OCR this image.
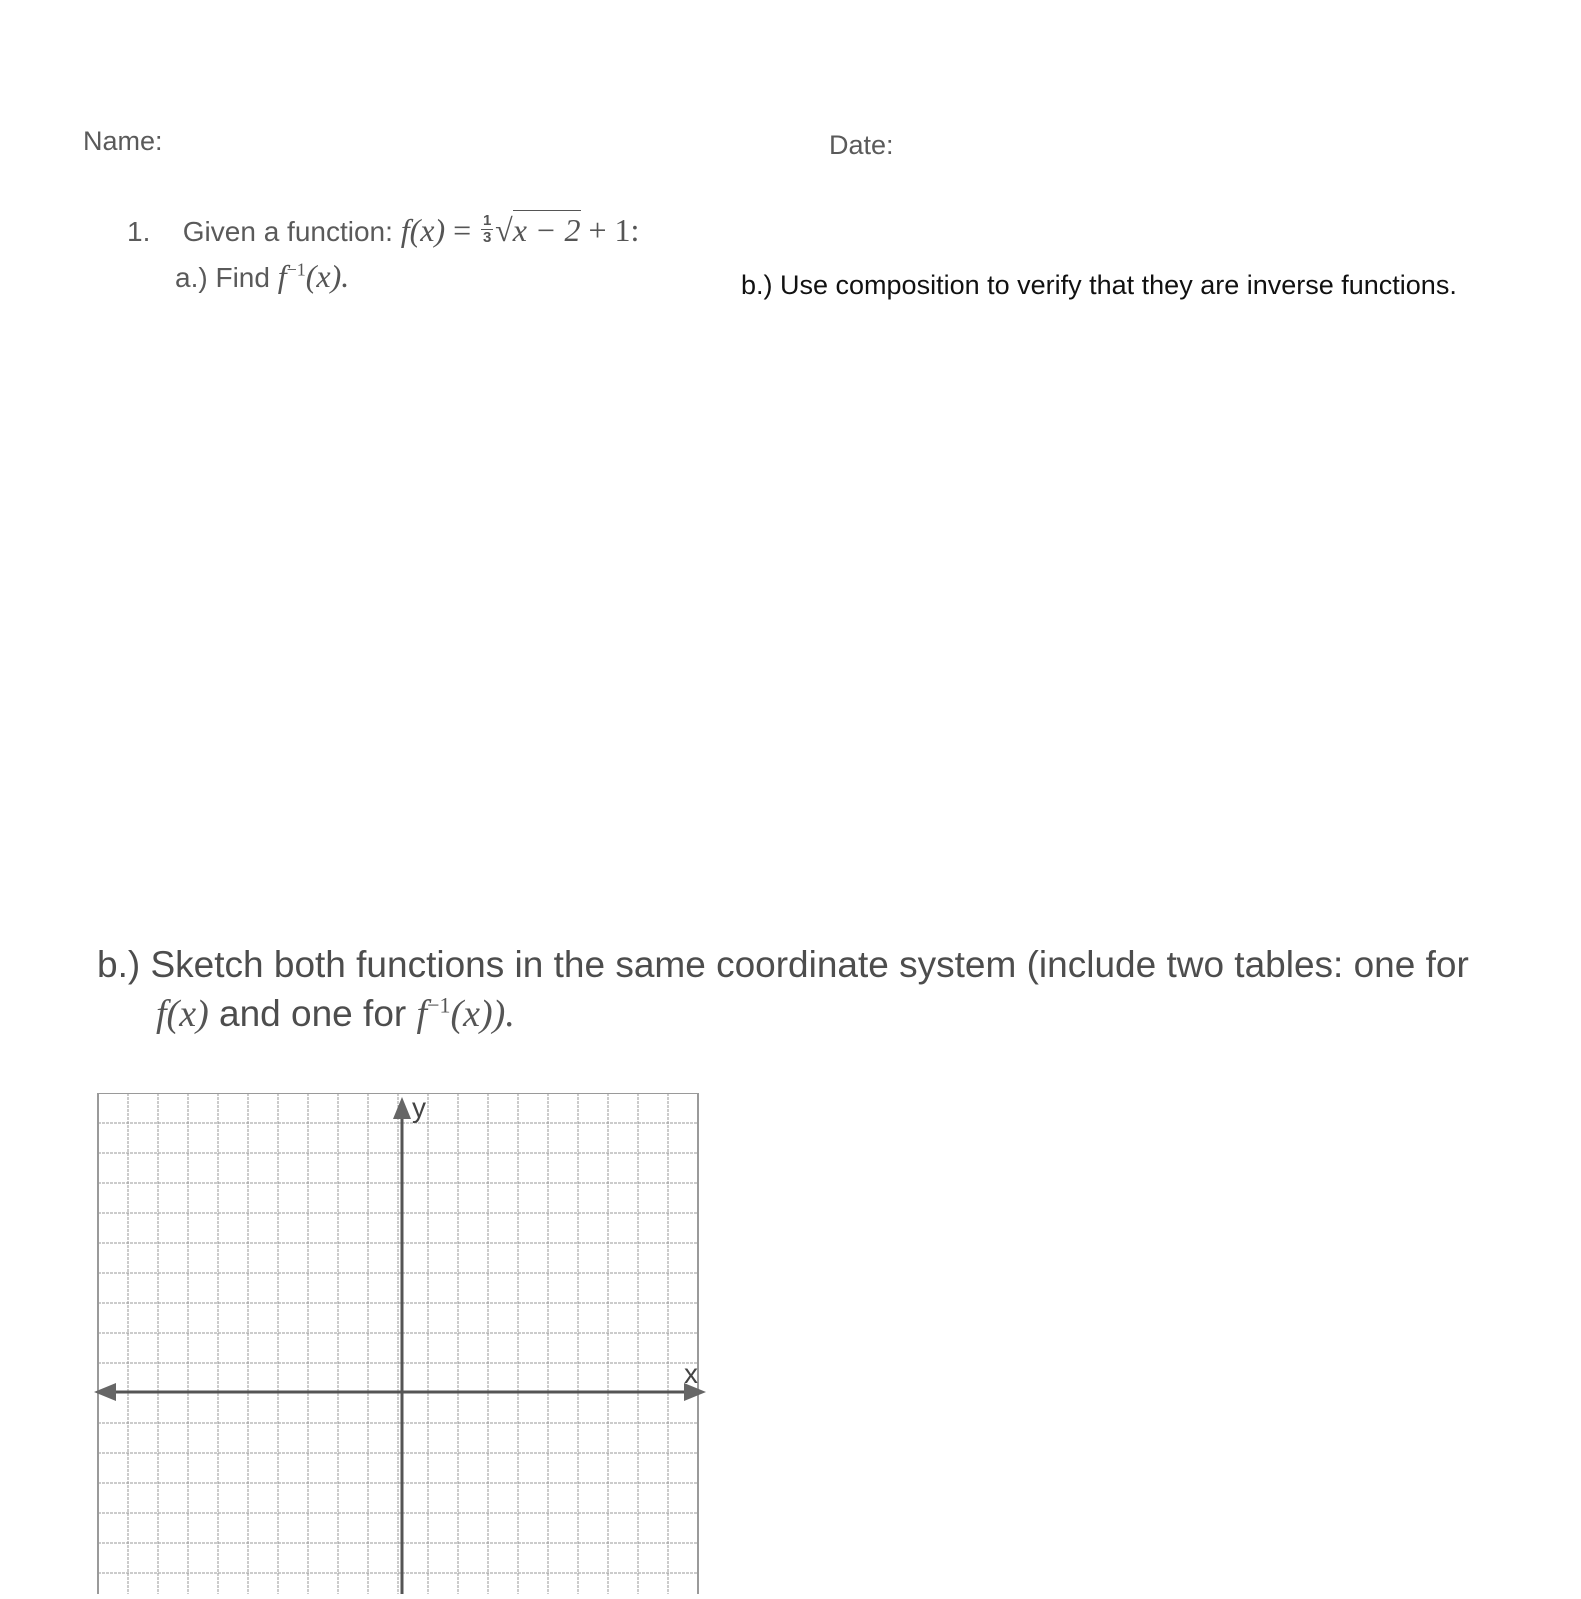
Name:	Date:
1. Given a function: $f(x) = \frac{1}{3} √x - 2 + 1$:
a.) Find $f^{-1}(x)$.	b.) Use composition to verify that they are inverse functions.
b.) Sketch both functions in the same coordinate system (include two tables: one for
f(x) and one for $f^{-1}(x)$).
x
y
